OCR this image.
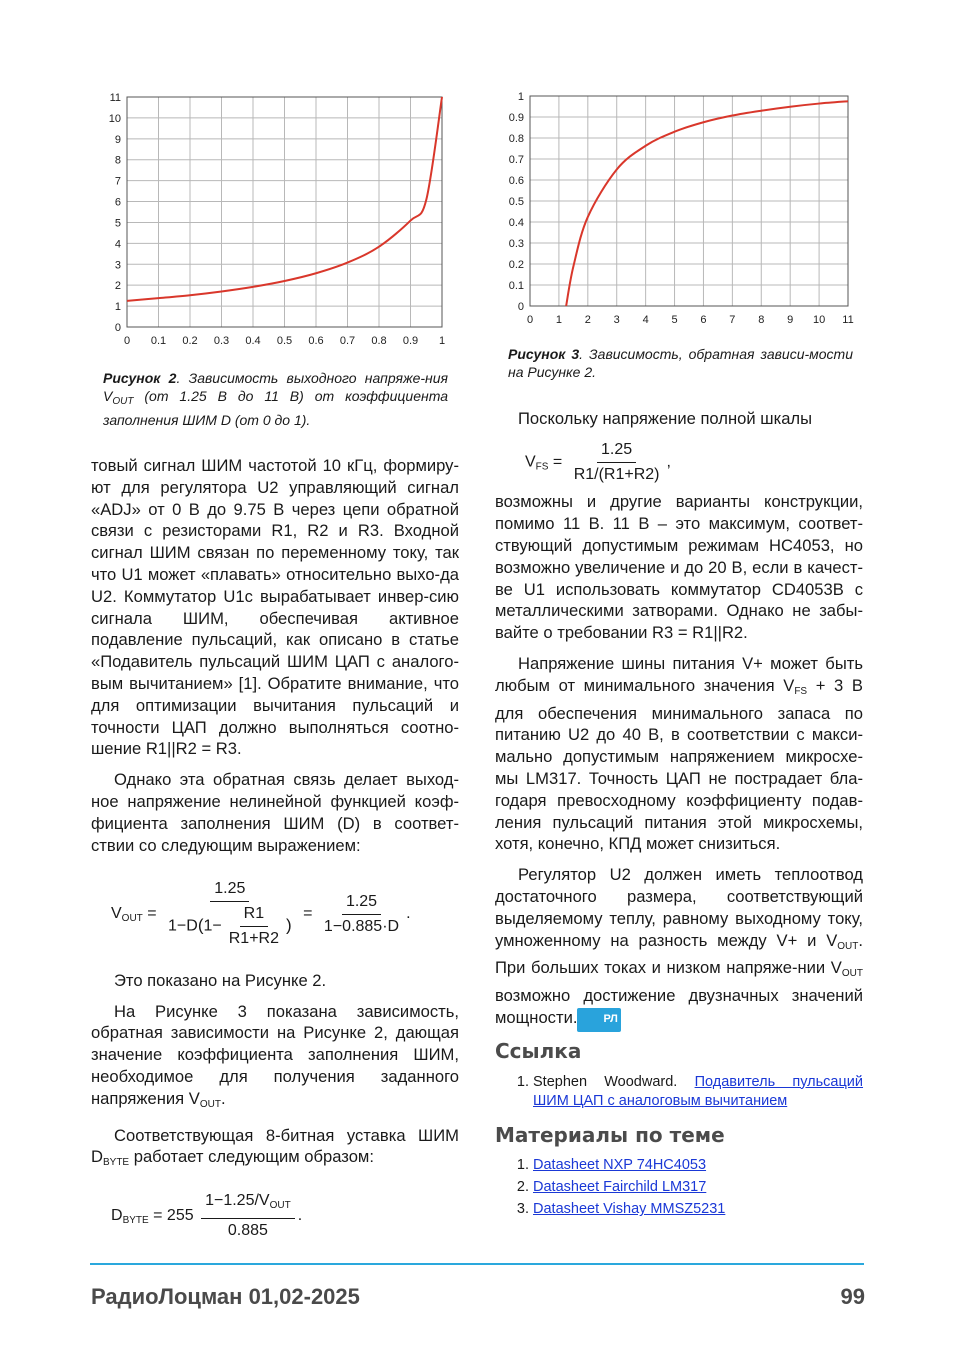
0 0.1 0.2 0.3 0.4 0.5 0.6 0.7 0.8 0.9 1
0
1
2
3
4
5
6
7
8
9
10
11
Рисунок 2. Зависимость выходного напряже-ния $V_{OUT}$ (от 1.25 В до 11 В) от коэффициента заполнения ШИМ D (от 0 до 1).
0 1 2 3 4 5 6 7 8 9 10 11
0
0.1
0.2
0.3
0.4
0.5
0.6
0.7
0.8
0.9
1
Рисунок 3. Зависимость, обратная зависи-мости на Рисунке 2.

товый сигнал ШИМ частотой 10 кГц, формиру-ют для регулятора U2 управляющий сигнал «ADJ» от 0 В до 9.75 В через цепи обратной связи с резисторами R1, R2 и R3. Входной сигнал ШИМ связан по переменному току, так что U1 может «плавать» относительно выхо-да U2. Коммутатор U1c вырабатывает инвер-сию сигнала ШИМ, обеспечивая активное подавление пульсаций, как описано в статье «Подавитель пульсаций ШИМ ЦАП с аналого-вым вычитанием» [1]. Обратите внимание, что для оптимизации вычитания пульсаций и точности ЦАП должно выполняться соотно-шение R1||R2 = R3.

Однако эта обратная связь делает выход-ное напряжение нелинейной функцией коэф-фициента заполнения ШИМ (D) в соответ-ствии со следующим выражением:

$V_{OUT} = \frac{1.25}{1-D(1- \frac{R1}{R1+R2} )} = \frac{1.25}{1-0.885\cdot D}$ .

Это показано на Рисунке 2.

На Рисунке 3 показана зависимость, обратная зависимости на Рисунке 2, дающая значение коэффициента заполнения ШИМ, необходимое для получения заданного напряжения $V_{OUT}$.

Соответствующая 8-битная уставка ШИМ $D_{BYTE}$ работает следующим образом:

$D_{BYTE} = 255 \frac{1-1.25/V_{OUT}}{0.885}$ .

Поскольку напряжение полной шкалы

$V_{FS} = \frac{1.25}{R1/(R1+R2)}$ ,

возможны и другие варианты конструкции, помимо 11 В. 11 В – это максимум, соответ-ствующий допустимым режимам HC4053, но возможно увеличение и до 20 В, если в качест-ве U1 использовать коммутатор CD4053B с металлическими затворами. Однако не забы-вайте о требовании R3 = R1||R2.

Напряжение шины питания V+ может быть любым от минимального значения $V_{FS} + 3$ В для обеспечения минимального запаса по питанию U2 до 40 В, в соответствии с макси-мально допустимым напряжением микросхе-мы LM317. Точность ЦАП не пострадает бла-годаря превосходному коэффициенту подав-ления пульсаций питания этой микросхемы, хотя, конечно, КПД может снизиться.

Регулятор U2 должен иметь теплоотвод достаточного размера, соответствующий выделяемому теплу, равному выходному току, умноженному на разность между V+ и $V_{OUT}$. При больших токах и низком напряже-нии $V_{OUT}$ возможно достижение двузначных значений мощности. РЛ

Ссылка
1. Stephen Woodward. Подавитель пульсаций ШИМ ЦАП с аналоговым вычитанием
Материалы по теме
1. Datasheet NXP 74HC4053
2. Datasheet Fairchild LM317
3. Datasheet Vishay MMSZ5231
РадиоЛоцман 01,02-2025	99
